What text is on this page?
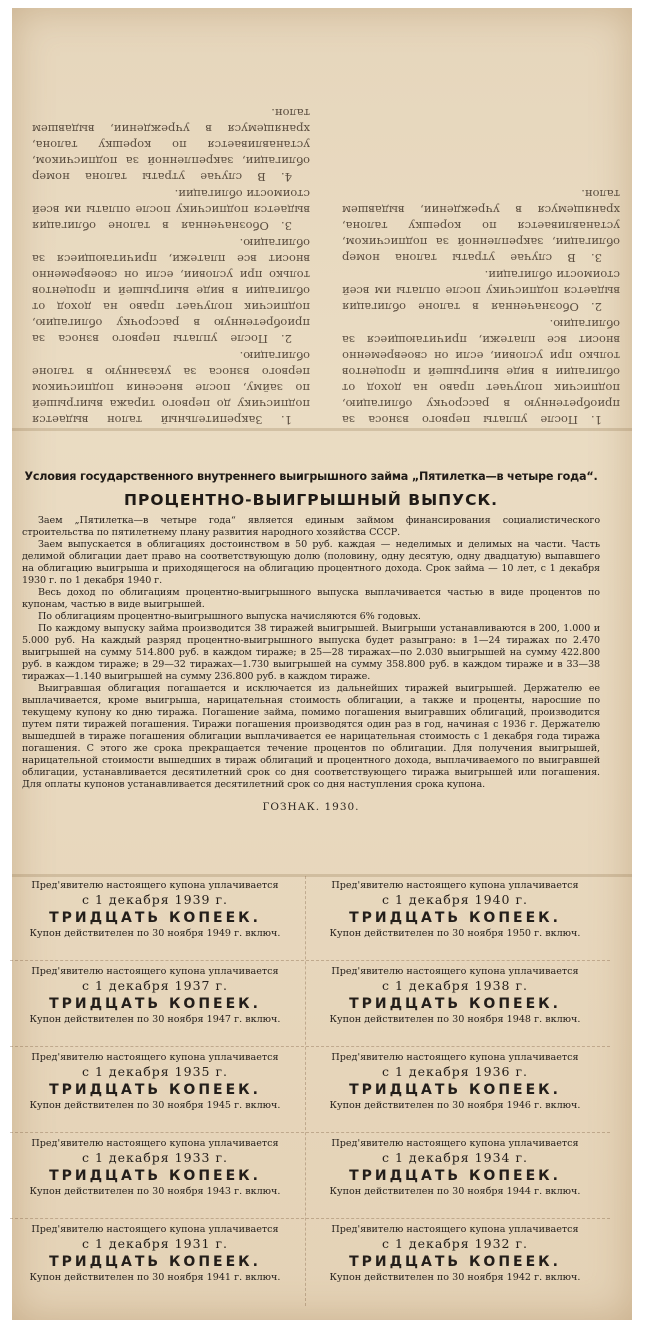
1. После уплаты первого взноса за приобретенную в рассрочку облигацию, подписчик получает право на доход от облигации в виде выигрышей и процентов только при условии, если он своевременно вносит все платежи, причитающиеся за облигацию.

2. Обозначенная в талоне облигация выдается подписчику после оплаты им всей стоимости облигации.

3. В случае утраты талона номер облигации, закрепленной за подписчиком, устанавливается по корешку талона, хранящемуся в учреждении, выдавшем талон.

1. Закрепительный талон выдается подписчику до первого тиража выигрышей по займу, после внесения подписчиком первого взноса за указанную в талоне облигацию.

2. После уплаты первого взноса за приобретенную в рассрочку облигацию, подписчик получает право на доход от облигации в виде выигрышей и процентов только при условии, если он своевременно вносит все платежи, причитающиеся за облигацию.

3. Обозначенная в талоне облигация выдается подписчику после оплаты им всей стоимости облигации.

4. В случае утраты талона номер облигации, закрепленной за подписчиком, устанавливается по корешку талона, хранящемуся в учреждении, выдавшем талон.

Условия государственного внутреннего выигрышного займа „Пятилетка—в четыре года“.

ПРОЦЕНТНО-ВЫИГРЫШНЫЙ ВЫПУСК.

Заем „Пятилетка—в четыре года“ является единым займом финансирования социалистического строительства по пятилетнему плану развития народного хозяйства СССР.

Заем выпускается в облигациях достоинством в 50 руб. каждая — неделимых и делимых на части. Часть делимой облигации дает право на соответствующую долю (половину, одну десятую, одну двадцатую) выпавшего на облигацию выигрыша и приходящегося на облигацию процентного дохода. Срок займа — 10 лет, с 1 декабря 1930 г. по 1 декабря 1940 г.

Весь доход по облигациям процентно-выигрышного выпуска выплачивается частью в виде процентов по купонам, частью в виде выигрышей.

По облигациям процентно-выигрышного выпуска начисляются 6% годовых.

По каждому выпуску займа производится 38 тиражей выигрышей. Выигрыши устанавливаются в 200, 1.000 и 5.000 руб. На каждый разряд процентно-выигрышного выпуска будет разыграно: в 1—24 тиражах по 2.470 выигрышей на сумму 514.800 руб. в каждом тираже; в 25—28 тиражах—по 2.030 выигрышей на сумму 422.800 руб. в каждом тираже; в 29—32 тиражах—1.730 выигрышей на сумму 358.800 руб. в каждом тираже и в 33—38 тиражах—1.140 выигрышей на сумму 236.800 руб. в каждом тираже.

Выигравшая облигация погашается и исключается из дальнейших тиражей выигрышей. Держателю ее выплачивается, кроме выигрыша, нарицательная стоимость облигации, а также и проценты, наросшие по текущему купону ко дню тиража. Погашение займа, помимо погашения выигравших облигаций, производится путем пяти тиражей погашения. Тиражи погашения производятся один раз в год, начиная с 1936 г. Держателю вышедшей в тираже погашения облигации выплачивается ее нарицательная стоимость с 1 декабря года тиража погашения. С этого же срока прекращается течение процентов по облигации. Для получения выигрышей, нарицательной стоимости вышедших в тираж облигаций и процентного дохода, выплачиваемого по выигравшей облигации, устанавливается десятилетний срок со дня соответствующего тиража выигрышей или погашения. Для оплаты купонов устанавливается десятилетний срок со дня наступления срока купона.

ГОЗНАК. 1930.
Пред'явителю настоящего купона уплачивается
с 1 декабря 1939 г.
ТРИДЦАТЬ КОПЕЕК.
Купон действителен по 30 ноября 1949 г. включ.
Пред'явителю настоящего купона уплачивается
с 1 декабря 1940 г.
ТРИДЦАТЬ КОПЕЕК.
Купон действителен по 30 ноября 1950 г. включ.
Пред'явителю настоящего купона уплачивается
с 1 декабря 1937 г.
ТРИДЦАТЬ КОПЕЕК.
Купон действителен по 30 ноября 1947 г. включ.
Пред'явителю настоящего купона уплачивается
с 1 декабря 1938 г.
ТРИДЦАТЬ КОПЕЕК.
Купон действителен по 30 ноября 1948 г. включ.
Пред'явителю настоящего купона уплачивается
с 1 декабря 1935 г.
ТРИДЦАТЬ КОПЕЕК.
Купон действителен по 30 ноября 1945 г. включ.
Пред'явителю настоящего купона уплачивается
с 1 декабря 1936 г.
ТРИДЦАТЬ КОПЕЕК.
Купон действителен по 30 ноября 1946 г. включ.
Пред'явителю настоящего купона уплачивается
с 1 декабря 1933 г.
ТРИДЦАТЬ КОПЕЕК.
Купон действителен по 30 ноября 1943 г. включ.
Пред'явителю настоящего купона уплачивается
с 1 декабря 1934 г.
ТРИДЦАТЬ КОПЕЕК.
Купон действителен по 30 ноября 1944 г. включ.
Пред'явителю настоящего купона уплачивается
с 1 декабря 1931 г.
ТРИДЦАТЬ КОПЕЕК.
Купон действителен по 30 ноября 1941 г. включ.
Пред'явителю настоящего купона уплачивается
с 1 декабря 1932 г.
ТРИДЦАТЬ КОПЕЕК.
Купон действителен по 30 ноября 1942 г. включ.
